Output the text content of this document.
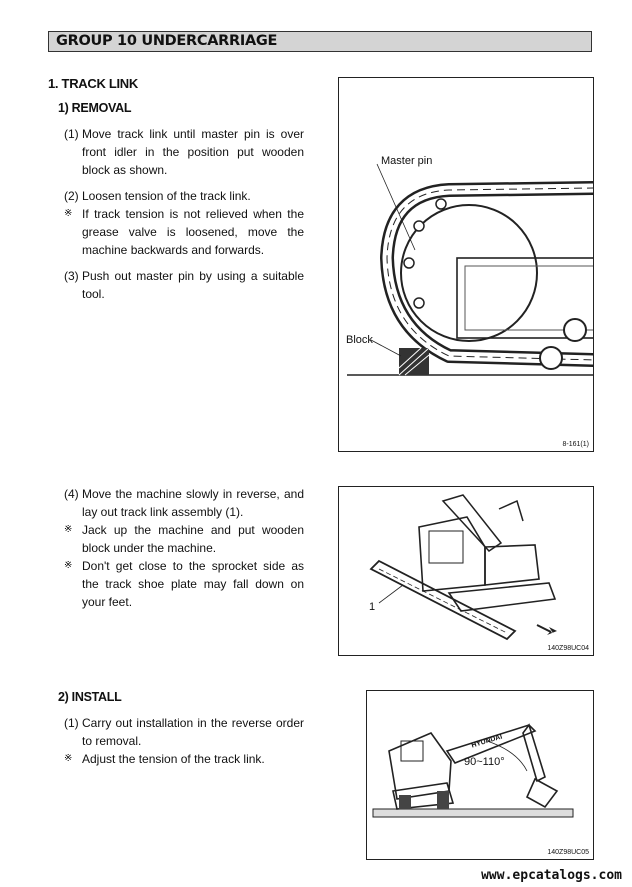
GROUP 10 UNDERCARRIAGE
1. TRACK LINK
1) REMOVAL
(1) Move track link until master pin is over front idler in the position put wooden block as shown.
(2) Loosen tension of the track link.
※ If track tension is not relieved when the grease valve is loosened, move the machine backwards and forwards.
(3) Push out master pin by using a suitable tool.
(4) Move the machine slowly in reverse, and lay out track link assembly (1).
※ Jack up the machine and put wooden block under the machine.
※ Don't get close to the sprocket side as the track shoe plate may fall down on your feet.
2) INSTALL
(1) Carry out installation in the reverse order to removal.
※ Adjust the tension of the track link.
Master pin
Block
8-161(1)
1
140Z98UC04
90~110°
HYUNDAI
140Z98UC05
www.epcatalogs.com
